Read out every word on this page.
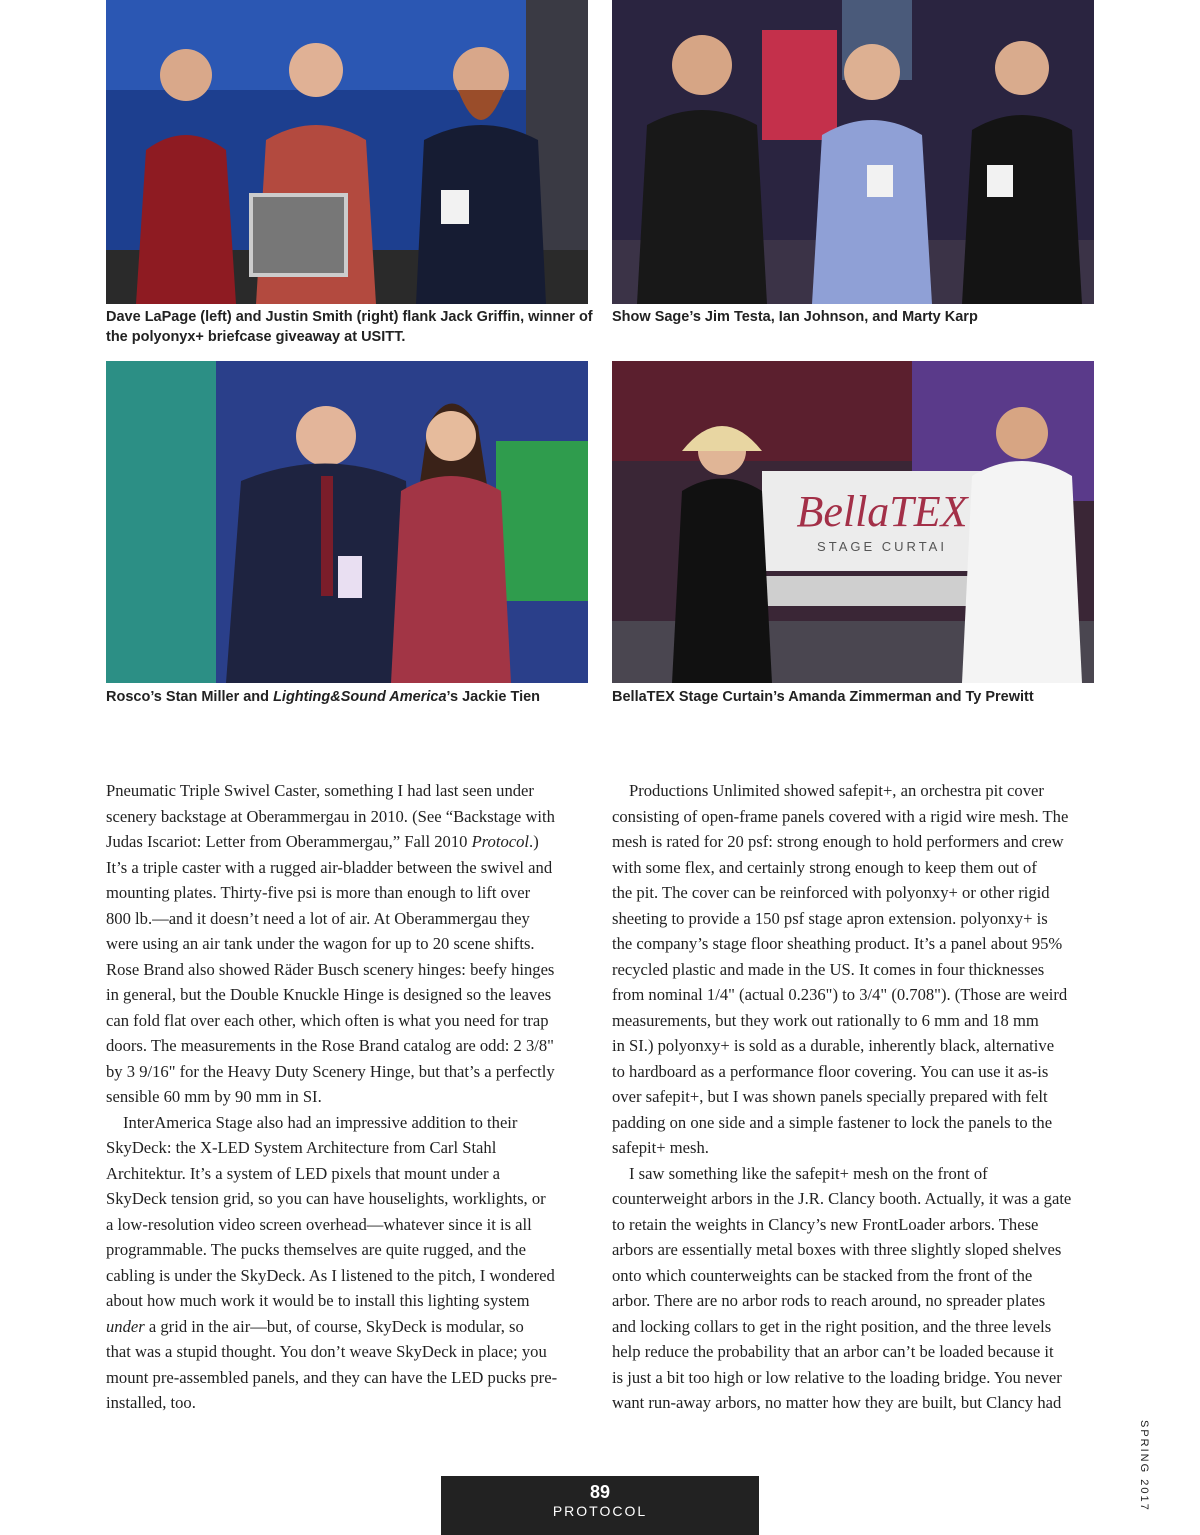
Dave LaPage (left) and Justin Smith (right) flank Jack Griffin, winner of
the polyonyx+ briefcase giveaway at USITT.
Show Sage’s Jim Testa, Ian Johnson, and Marty Karp
Rosco’s Stan Miller and Lighting&Sound America’s Jackie Tien
BellaTEX
STAGE CURTAI
BellaTEX Stage Curtain’s Amanda Zimmerman and Ty Prewitt

Pneumatic Triple Swivel Caster, something I had last seen under
scenery backstage at Oberammergau in 2010. (See “Backstage with
Judas Iscariot: Letter from Oberammergau,” Fall 2010 Protocol.)
It’s a triple caster with a rugged air-bladder between the swivel and
mounting plates. Thirty-five psi is more than enough to lift over
800 lb.—and it doesn’t need a lot of air. At Oberammergau they
were using an air tank under the wagon for up to 20 scene shifts.
Rose Brand also showed Räder Busch scenery hinges: beefy hinges
in general, but the Double Knuckle Hinge is designed so the leaves
can fold flat over each other, which often is what you need for trap
doors. The measurements in the Rose Brand catalog are odd: 2 3/8"
by 3 9/16" for the Heavy Duty Scenery Hinge, but that’s a perfectly
sensible 60 mm by 90 mm in SI.

InterAmerica Stage also had an impressive addition to their
SkyDeck: the X-LED System Architecture from Carl Stahl
Architektur. It’s a system of LED pixels that mount under a
SkyDeck tension grid, so you can have houselights, worklights, or
a low-resolution video screen overhead—whatever since it is all
programmable. The pucks themselves are quite rugged, and the
cabling is under the SkyDeck. As I listened to the pitch, I wondered
about how much work it would be to install this lighting system
under a grid in the air—but, of course, SkyDeck is modular, so
that was a stupid thought. You don’t weave SkyDeck in place; you
mount pre-assembled panels, and they can have the LED pucks pre-
installed, too.

Productions Unlimited showed safepit+, an orchestra pit cover
consisting of open-frame panels covered with a rigid wire mesh. The
mesh is rated for 20 psf: strong enough to hold performers and crew
with some flex, and certainly strong enough to keep them out of
the pit. The cover can be reinforced with polyonxy+ or other rigid
sheeting to provide a 150 psf stage apron extension. polyonxy+ is
the company’s stage floor sheathing product. It’s a panel about 95%
recycled plastic and made in the US. It comes in four thicknesses
from nominal 1/4" (actual 0.236") to 3/4" (0.708"). (Those are weird
measurements, but they work out rationally to 6 mm and 18 mm
in SI.) polyonxy+ is sold as a durable, inherently black, alternative
to hardboard as a performance floor covering. You can use it as-is
over safepit+, but I was shown panels specially prepared with felt
padding on one side and a simple fastener to lock the panels to the
safepit+ mesh.

I saw something like the safepit+ mesh on the front of
counterweight arbors in the J.R. Clancy booth. Actually, it was a gate
to retain the weights in Clancy’s new FrontLoader arbors. These
arbors are essentially metal boxes with three slightly sloped shelves
onto which counterweights can be stacked from the front of the
arbor. There are no arbor rods to reach around, no spreader plates
and locking collars to get in the right position, and the three levels
help reduce the probability that an arbor can’t be loaded because it
is just a bit too high or low relative to the loading bridge. You never
want run-away arbors, no matter how they are built, but Clancy had

89
PROTOCOL	SPRING 2017
